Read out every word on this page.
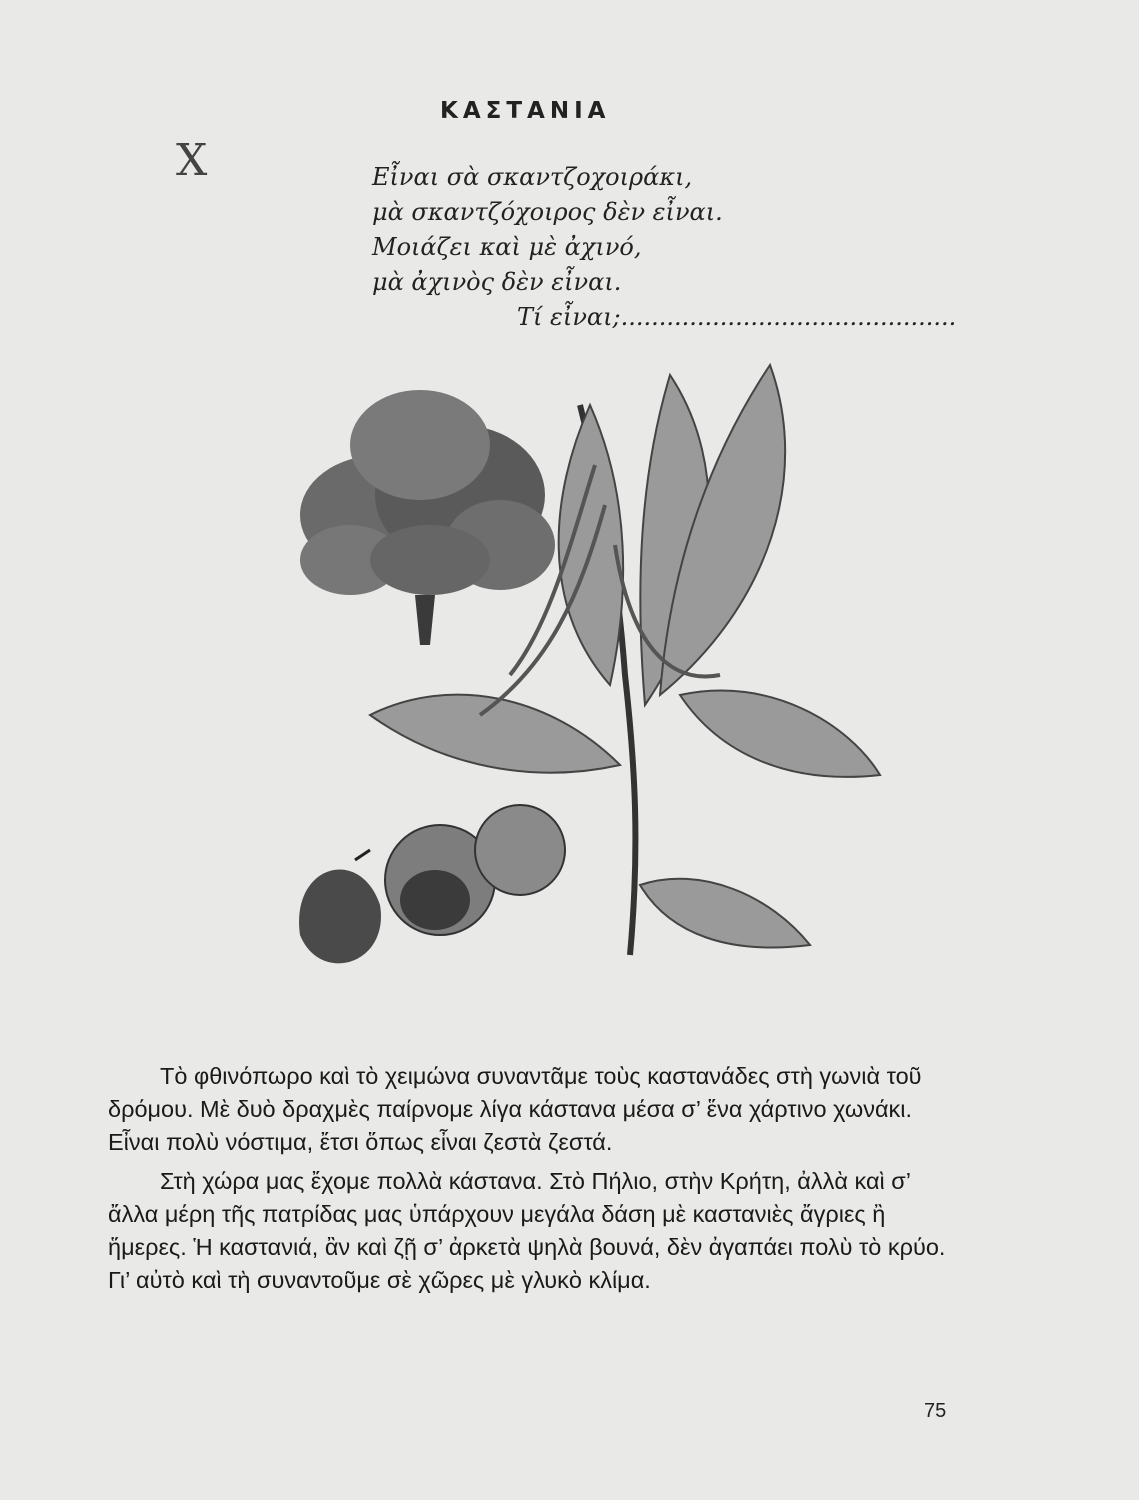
ΚΑΣΤΑΝΙΑ
X	Εἶναι σὰ σκαντζοχοιράκι,
μὰ σκαντζόχοιρος δὲν εἶναι.
Μοιάζει καὶ μὲ ἀχινό,
μὰ ἀχινὸς δὲν εἶναι.
Τί εἶναι;............................................

Τὸ φθινόπωρο καὶ τὸ χειμώνα συναντᾶμε τοὺς καστανάδες στὴ γωνιὰ τοῦ δρόμου. Μὲ δυὸ δραχμὲς παίρνομε λίγα κάστανα μέσα σ’ ἕνα χάρτινο χωνάκι. Εἶναι πολὺ νόστιμα, ἔτσι ὅπως εἶναι ζεστὰ ζεστά.

Στὴ χώρα μας ἔχομε πολλὰ κάστανα. Στὸ Πήλιο, στὴν Κρήτη, ἀλλὰ καὶ σ’ ἄλλα μέρη τῆς πατρίδας μας ὑπάρχουν μεγάλα δάση μὲ καστανιὲς ἄγριες ἢ ἥμερες. Ἡ καστανιά, ἂν καὶ ζῇ σ’ ἀρκετὰ ψηλὰ βουνά, δὲν ἀγαπάει πολὺ τὸ κρύο. Γι’ αὐτὸ καὶ τὴ συναντοῦμε σὲ χῶρες μὲ γλυκὸ κλίμα.

75
